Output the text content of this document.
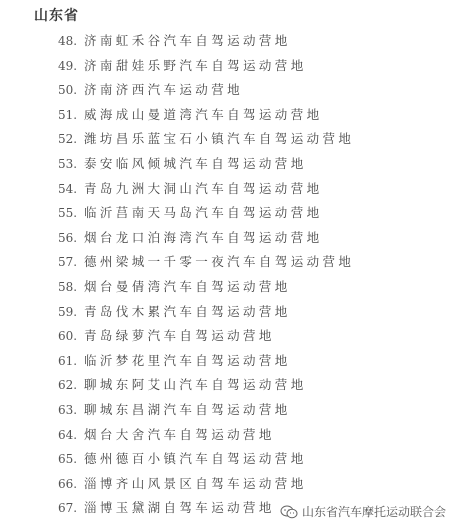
山东省
48. 济南虹禾谷汽车自驾运动营地
49. 济南甜娃乐野汽车自驾运动营地
50. 济南济西汽车运动营地
51. 威海成山曼道湾汽车自驾运动营地
52. 潍坊昌乐蓝宝石小镇汽车自驾运动营地
53. 泰安临风倾城汽车自驾运动营地
54. 青岛九洲大洞山汽车自驾运动营地
55. 临沂莒南天马岛汽车自驾运动营地
56. 烟台龙口泊海湾汽车自驾运动营地
57. 德州梁城一千零一夜汽车自驾运动营地
58. 烟台曼倩湾汽车自驾运动营地
59. 青岛伐木累汽车自驾运动营地
60. 青岛绿萝汽车自驾运动营地
61. 临沂梦花里汽车自驾运动营地
62. 聊城东阿艾山汽车自驾运动营地
63. 聊城东昌湖汽车自驾运动营地
64. 烟台大舍汽车自驾运动营地
65. 德州德百小镇汽车自驾运动营地
66. 淄博齐山风景区自驾车运动营地
67. 淄博玉黛湖自驾车运动营地	山东省汽车摩托运动联合会
